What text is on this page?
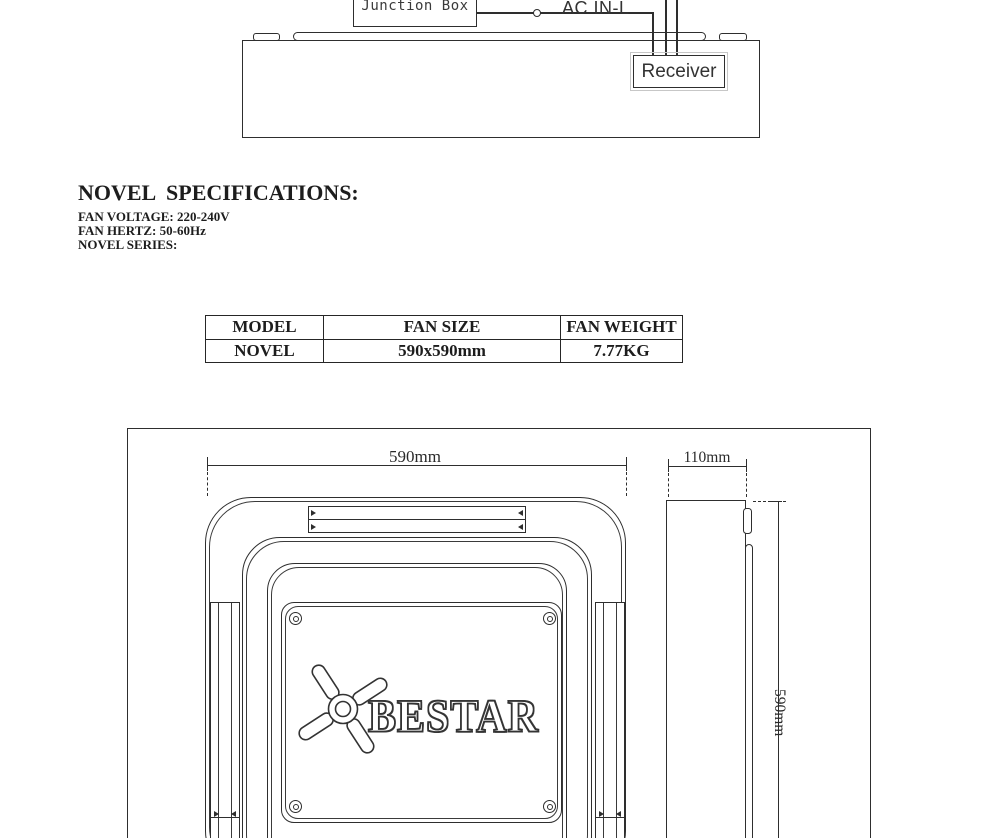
Junction Box	AC IN-L
Receiver
NOVEL  SPECIFICATIONS:
FAN VOLTAGE: 220-240V
FAN HERTZ: 50-60Hz
NOVEL SERIES:
MODEL	FAN SIZE	FAN WEIGHT
NOVEL	590x590mm	7.77KG
590mm	110mm
590mm
BESTAR
